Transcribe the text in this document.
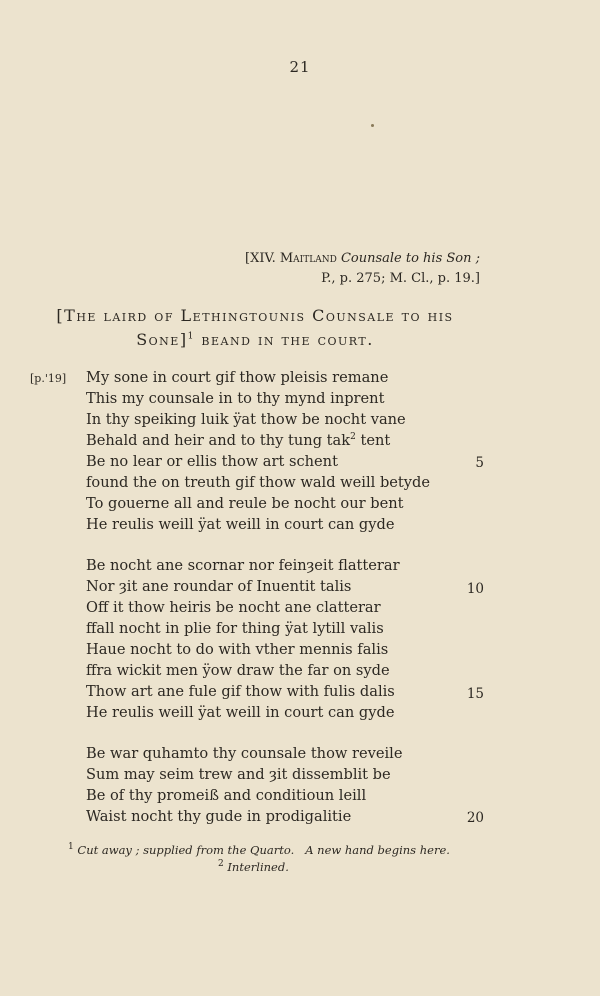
21
[XIV. Maitland Counsale to his Son ;
P., p. 275; M. Cl., p. 19.]
[The laird of Lethingtounis Counsale to his
Sone]$^1$ beand in the court.
[p.'19] My sone in court gif thow pleisis remane
This my counsale in to thy mynd inprent
In thy speiking luik ÿat thow be nocht vane
Behald and heir and to thy tung tak$^2$ tent
Be no lear or ellis thow art schent
found the on treuth gif thow wald weill betyde
To gouerne all and reule be nocht our bent
He reulis weill ÿat weill in court can gyde
Be nocht ane scornar nor feinȝeit flatterar
Nor ȝit ane roundar of Inuentit talis
Off it thow heiris be nocht ane clatterar
ffall nocht in plie for thing ÿat lytill valis
Haue nocht to do with vther mennis falis
ffra wickit men ÿow draw the far on syde
Thow art ane fule gif thow with fulis dalis
He reulis weill ÿat weill in court can gyde
Be war quhamto thy counsale thow reveile
Sum may seim trew and ȝit dissemblit be
Be of thy promeiß and conditioun leill
Waist nocht thy gude in prodigalitie
5
10
15
20
$^1$ Cut away ; supplied from the Quarto.   A new hand begins here.
$^2$ Interlined.
